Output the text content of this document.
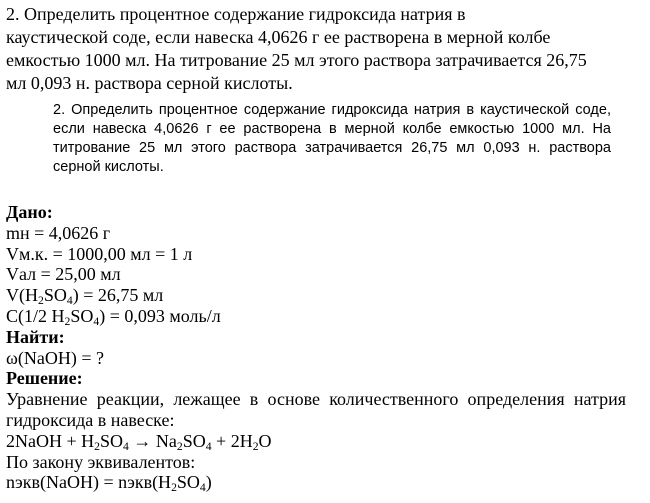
2. Определить процентное содержание гидроксида натрия в
каустической соде, если навеска 4,0626 г ее растворена в мерной колбе
емкостью 1000 мл. На титрование 25 мл этого раствора затрачивается 26,75
мл 0,093 н. раствора серной кислоты.
2. Определить процентное содержание гидроксида натрия в каустической соде, если навеска 4,0626 г ее растворена в мерной колбе емкостью 1000 мл. На титрование 25 мл этого раствора затрачивается 26,75 мл 0,093 н. раствора серной кислоты.
Дано:
mн = 4,0626 г
Vм.к. = 1000,00 мл = 1 л
Vал = 25,00 мл
$V(H_2SO_4) = 26,75$ мл
C(1/2 $H_2SO_4) = 0,093$ моль/л
Найти:
ω(NaOH) = ?
Решение:
Уравнение реакции, лежащее в основе количественного определения натрия гидроксида в навеске:
2NaOH + $H_2SO_4 \to Na_2SO_4 + 2H_2O$
По закону эквивалентов:
nэкв(NaOH) = $nэкв(H_2SO_4)$
